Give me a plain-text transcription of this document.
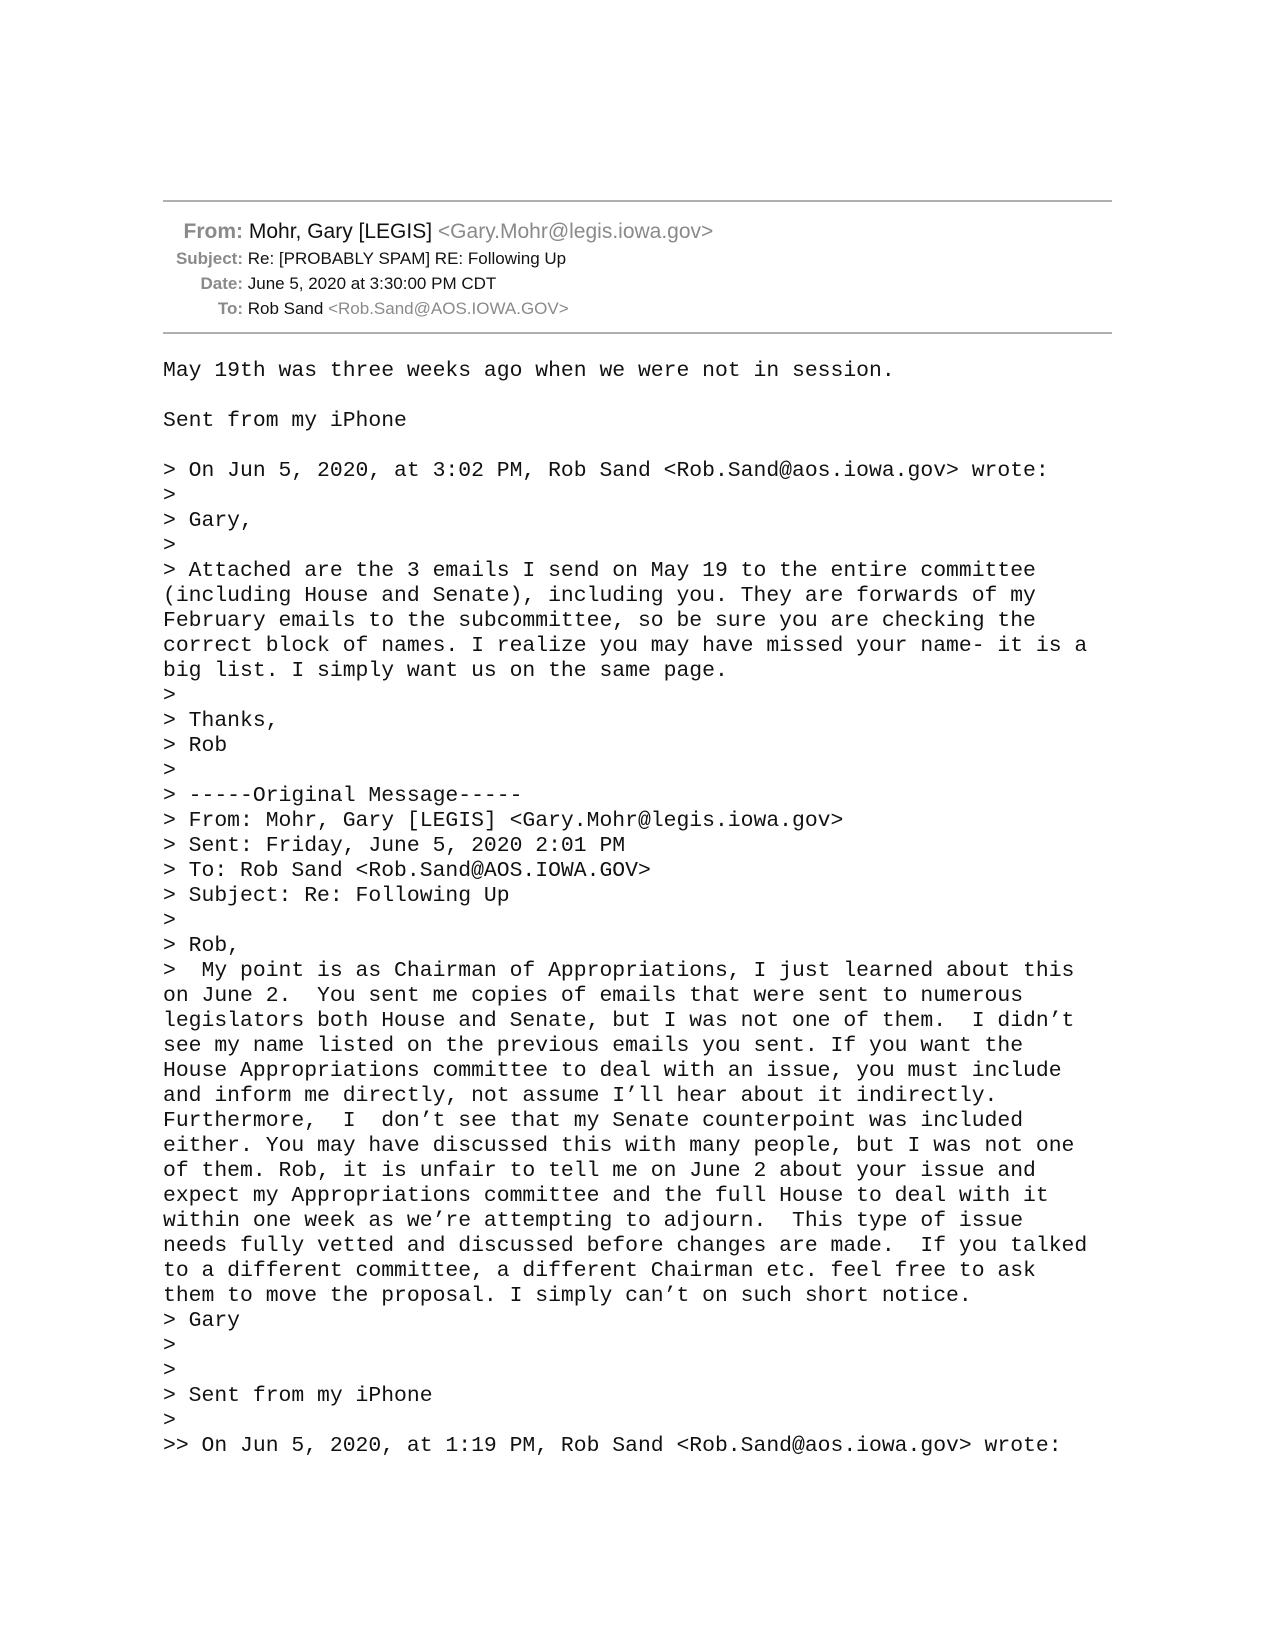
From: Mohr, Gary [LEGIS] <Gary.Mohr@legis.iowa.gov>
Subject: Re: [PROBABLY SPAM] RE: Following Up
Date: June 5, 2020 at 3:30:00 PM CDT
To: Rob Sand <Rob.Sand@AOS.IOWA.GOV>
May 19th was three weeks ago when we were not in session.

Sent from my iPhone

> On Jun 5, 2020, at 3:02 PM, Rob Sand <Rob.Sand@aos.iowa.gov> wrote:
>
> Gary,
>
> Attached are the 3 emails I send on May 19 to the entire committee
(including House and Senate), including you. They are forwards of my
February emails to the subcommittee, so be sure you are checking the
correct block of names. I realize you may have missed your name- it is a
big list. I simply want us on the same page.
>
> Thanks,
> Rob
>
> -----Original Message-----
> From: Mohr, Gary [LEGIS] <Gary.Mohr@legis.iowa.gov>
> Sent: Friday, June 5, 2020 2:01 PM
> To: Rob Sand <Rob.Sand@AOS.IOWA.GOV>
> Subject: Re: Following Up
>
> Rob,
>  My point is as Chairman of Appropriations, I just learned about this
on June 2.  You sent me copies of emails that were sent to numerous
legislators both House and Senate, but I was not one of them.  I didn’t
see my name listed on the previous emails you sent. If you want the
House Appropriations committee to deal with an issue, you must include
and inform me directly, not assume I’ll hear about it indirectly.
Furthermore,  I  don’t see that my Senate counterpoint was included
either. You may have discussed this with many people, but I was not one
of them. Rob, it is unfair to tell me on June 2 about your issue and
expect my Appropriations committee and the full House to deal with it
within one week as we’re attempting to adjourn.  This type of issue
needs fully vetted and discussed before changes are made.  If you talked
to a different committee, a different Chairman etc. feel free to ask
them to move the proposal. I simply can’t on such short notice.
> Gary
>
>
> Sent from my iPhone
>
>> On Jun 5, 2020, at 1:19 PM, Rob Sand <Rob.Sand@aos.iowa.gov> wrote:
